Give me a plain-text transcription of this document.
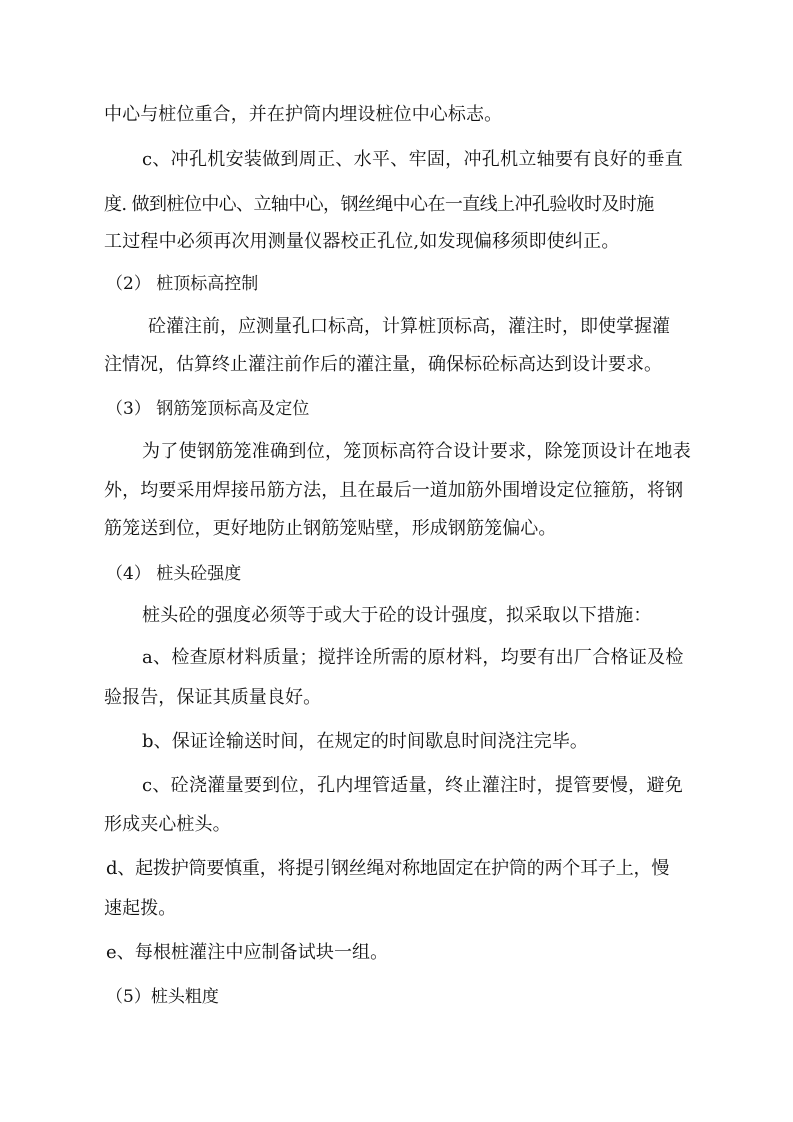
中心与桩位重合，并在护筒内埋设桩位中心标志。
c、冲孔机安装做到周正、水平、牢固，冲孔机立轴要有良好的垂直
度. 做到桩位中心、立轴中心，钢丝绳中心在一直线上冲孔验收时及时施
工过程中必须再次用测量仪器校正孔位,如发现偏移须即使纠正。
（2） 桩顶标高控制
砼灌注前，应测量孔口标高，计算桩顶标高，灌注时，即使掌握灌
注情况，估算终止灌注前作后的灌注量，确保标砼标高达到设计要求。
（3） 钢筋笼顶标高及定位
为了使钢筋笼准确到位，笼顶标高符合设计要求，除笼顶设计在地表
外，均要采用焊接吊筋方法，且在最后一道加筋外围增设定位箍筋，将钢
筋笼送到位，更好地防止钢筋笼贴壁，形成钢筋笼偏心。
（4） 桩头砼强度
桩头砼的强度必须等于或大于砼的设计强度，拟采取以下措施：
a、检查原材料质量；搅拌诠所需的原材料，均要有出厂合格证及检
验报告，保证其质量良好。
b、保证诠输送时间，在规定的时间歇息时间浇注完毕。
c、砼浇灌量要到位，孔内埋管适量，终止灌注时，提管要慢，避免
形成夹心桩头。
d、起拨护筒要慎重，将提引钢丝绳对称地固定在护筒的两个耳子上，慢
速起拨。
e、每根桩灌注中应制备试块一组。
（5）桩头粗度
